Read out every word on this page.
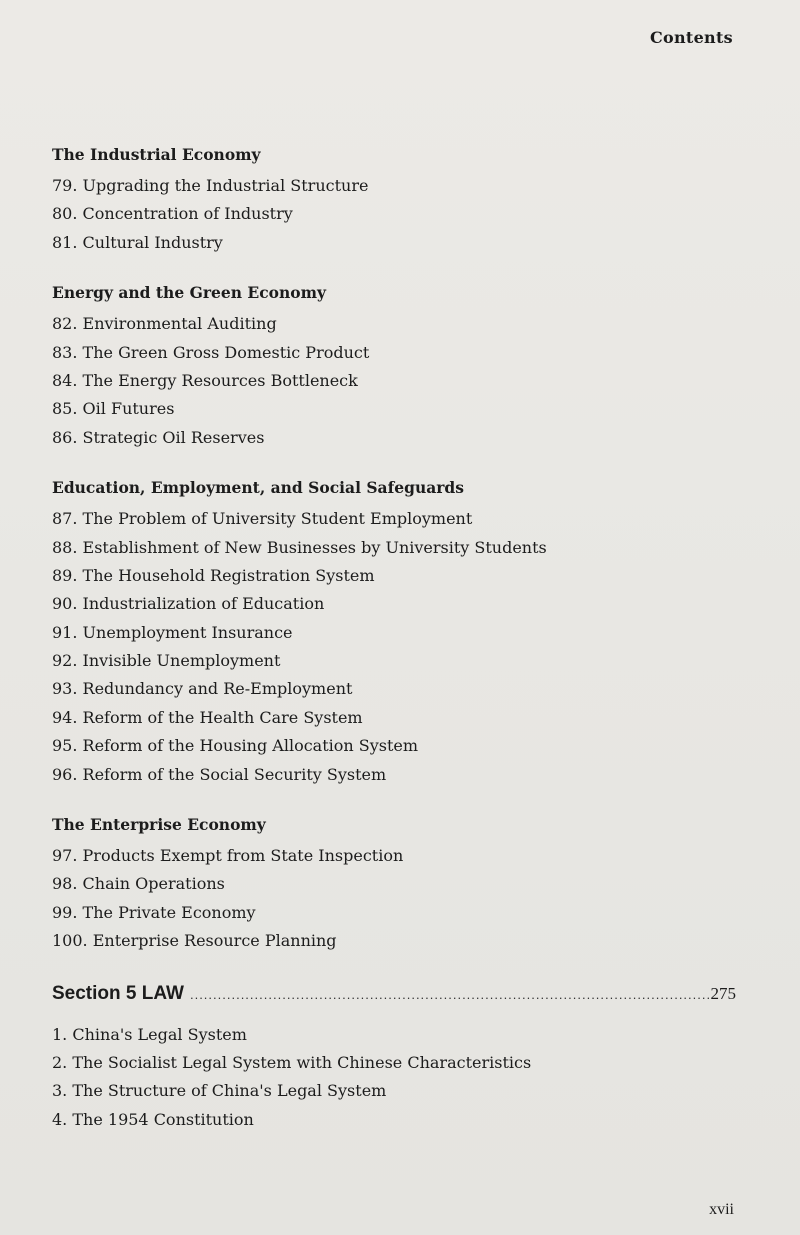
Contents
The Industrial Economy
79. Upgrading the Industrial Structure
80. Concentration of Industry
81. Cultural Industry
Energy and the Green Economy
82. Environmental Auditing
83. The Green Gross Domestic Product
84. The Energy Resources Bottleneck
85. Oil Futures
86. Strategic Oil Reserves
Education, Employment, and Social Safeguards
87. The Problem of University Student Employment
88. Establishment of New Businesses by University Students
89. The Household Registration System
90. Industrialization of Education
91. Unemployment Insurance
92. Invisible Unemployment
93. Redundancy and Re-Employment
94. Reform of the Health Care System
95. Reform of the Housing Allocation System
96. Reform of the Social Security System
The Enterprise Economy
97. Products Exempt from State Inspection
98. Chain Operations
99. The Private Economy
100. Enterprise Resource Planning
Section 5 LAW
.....	275
1. China's Legal System
2. The Socialist Legal System with Chinese Characteristics
3. The Structure of China's Legal System
4. The 1954 Constitution
xvii
